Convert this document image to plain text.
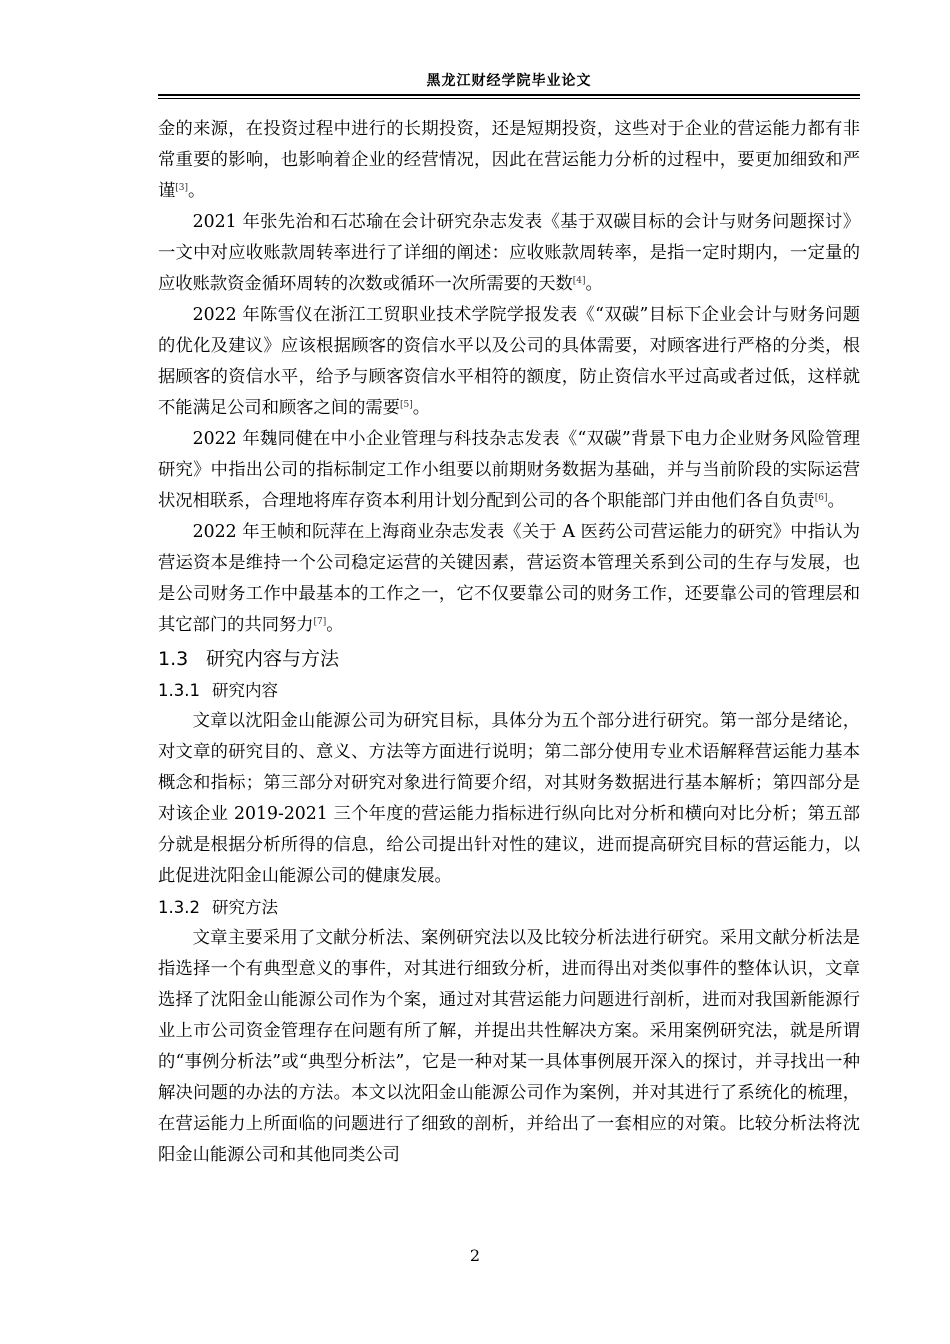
黑龙江财经学院毕业论文

金的来源，在投资过程中进行的长期投资，还是短期投资，这些对于企业的营运能力都有非常重要的影响，也影响着企业的经营情况，因此在营运能力分析的过程中，要更加细致和严谨[3]。

2021 年张先治和石芯瑜在会计研究杂志发表《基于双碳目标的会计与财务问题探讨》一文中对应收账款周转率进行了详细的阐述：应收账款周转率，是指一定时期内，一定量的应收账款资金循环周转的次数或循环一次所需要的天数[4]。

2022 年陈雪仪在浙江工贸职业技术学院学报发表《“双碳”目标下企业会计与财务问题的优化及建议》应该根据顾客的资信水平以及公司的具体需要，对顾客进行严格的分类，根据顾客的资信水平，给予与顾客资信水平相符的额度，防止资信水平过高或者过低，这样就不能满足公司和顾客之间的需要[5]。

2022 年魏同健在中小企业管理与科技杂志发表《“双碳”背景下电力企业财务风险管理研究》中指出公司的指标制定工作小组要以前期财务数据为基础，并与当前阶段的实际运营状况相联系，合理地将库存资本利用计划分配到公司的各个职能部门并由他们各自负责[6]。

2022 年王帧和阮萍在上海商业杂志发表《关于 A 医药公司营运能力的研究》中指认为营运资本是维持一个公司稳定运营的关键因素，营运资本管理关系到公司的生存与发展，也是公司财务工作中最基本的工作之一，它不仅要靠公司的财务工作，还要靠公司的管理层和其它部门的共同努力[7]。

1.3 研究内容与方法
1.3.1 研究内容

文章以沈阳金山能源公司为研究目标，具体分为五个部分进行研究。第一部分是绪论，对文章的研究目的、意义、方法等方面进行说明；第二部分使用专业术语解释营运能力基本概念和指标；第三部分对研究对象进行简要介绍，对其财务数据进行基本解析；第四部分是对该企业 2019-2021 三个年度的营运能力指标进行纵向比对分析和横向对比分析；第五部分就是根据分析所得的信息，给公司提出针对性的建议，进而提高研究目标的营运能力，以此促进沈阳金山能源公司的健康发展。

1.3.2 研究方法

文章主要采用了文献分析法、案例研究法以及比较分析法进行研究。采用文献分析法是指选择一个有典型意义的事件，对其进行细致分析，进而得出对类似事件的整体认识，文章选择了沈阳金山能源公司作为个案，通过对其营运能力问题进行剖析，进而对我国新能源行业上市公司资金管理存在问题有所了解，并提出共性解决方案。采用案例研究法，就是所谓的“事例分析法”或“典型分析法”，它是一种对某一具体事例展开深入的探讨，并寻找出一种解决问题的办法的方法。本文以沈阳金山能源公司作为案例，并对其进行了系统化的梳理，在营运能力上所面临的问题进行了细致的剖析，并给出了一套相应的对策。比较分析法将沈阳金山能源公司和其他同类公司

2
